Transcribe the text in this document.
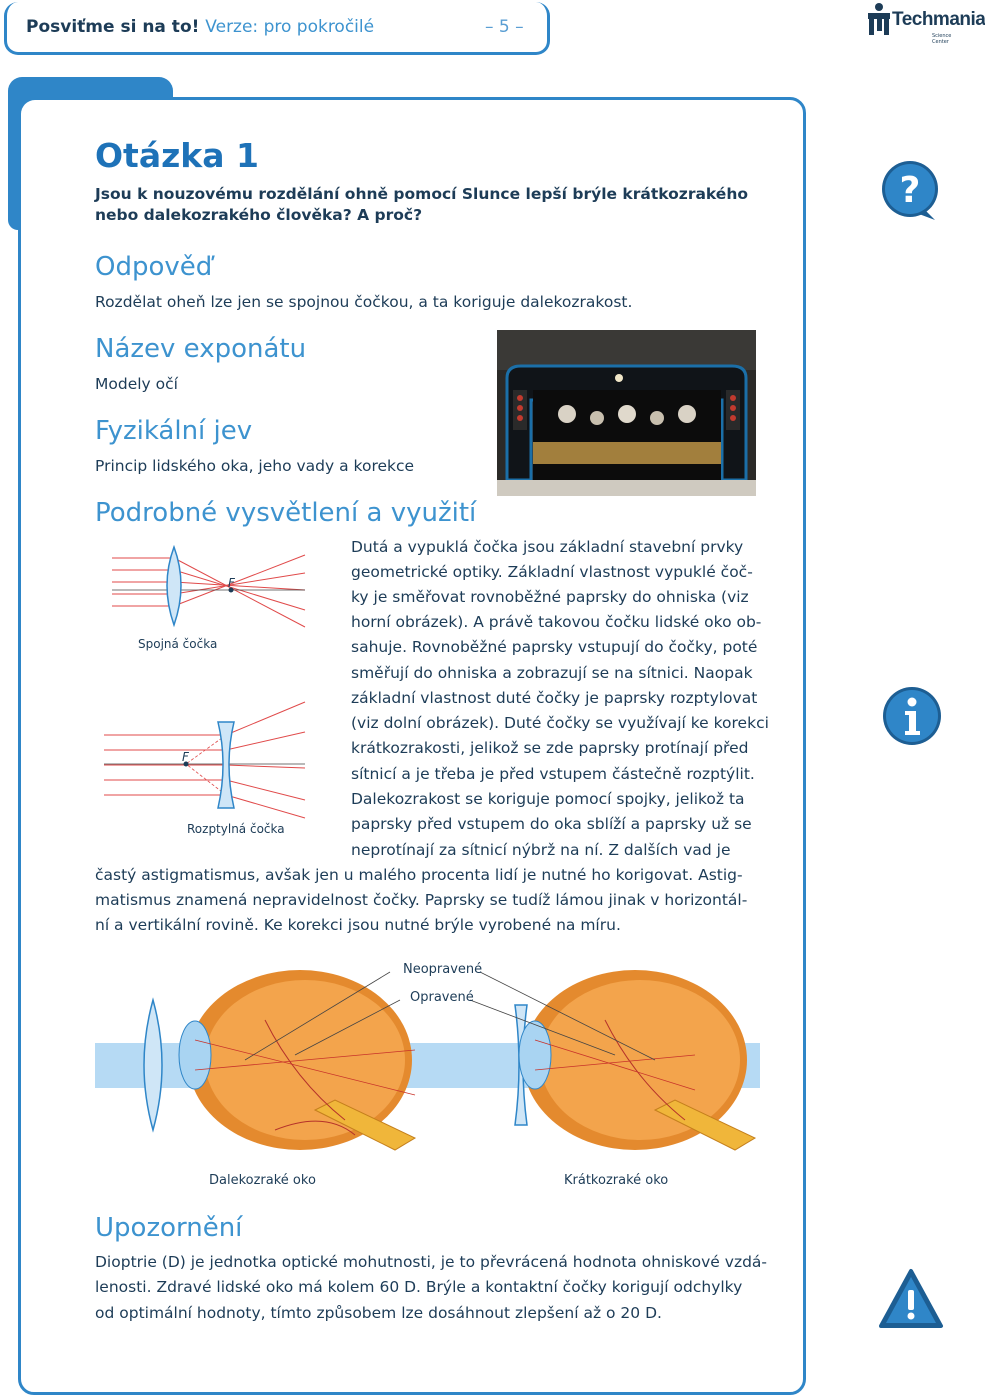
Posviťme si na to! Verze: pro pokročilé	– 5 –	Techmania
Science Center
Otázka 1
Jsou k nouzovému rozdělání ohně pomocí Slunce lepší brýle krátkozrakého
nebo dalekozrakého člověka? A proč?
Odpověď
Rozdělat oheň lze jen se spojnou čočkou, a ta koriguje dalekozrakost.
Název exponátu
Modely očí
Fyzikální jev
Princip lidského oka, jeho vady a korekce
?
Podrobné vysvětlení a využití
F
Spojná čočka
F
Rozptylná čočka
Dutá a vypuklá čočka jsou základní stavební prvky
geometrické optiky. Základní vlastnost vypuklé čoč-
ky je směřovat rovnoběžné paprsky do ohniska (viz
horní obrázek). A právě takovou čočku lidské oko ob-
sahuje. Rovnoběžné paprsky vstupují do čočky, poté
směřují do ohniska a zobrazují se na sítnici. Naopak
základní vlastnost duté čočky je paprsky rozptylovat
(viz dolní obrázek). Duté čočky se využívají ke korekci
krátkozrakosti, jelikož se zde paprsky protínají před
sítnicí a je třeba je před vstupem částečně rozptýlit.
Dalekozrakost se koriguje pomocí spojky, jelikož ta
paprsky před vstupem do oka sblíží a paprsky už se
neprotínají za sítnicí nýbrž na ní. Z dalších vad je
častý astigmatismus, avšak jen u malého procenta lidí je nutné ho korigovat. Astig-
matismus znamená nepravidelnost čočky. Paprsky se tudíž lámou jinak v horizontál-
ní a vertikální rovině. Ke korekci jsou nutné brýle vyrobené na míru.
Neopravené
Opravené
Dalekozraké oko	Krátkozraké oko
Upozornění
Dioptrie (D) je jednotka optické mohutnosti, je to převrácená hodnota ohniskové vzdá-
lenosti. Zdravé lidské oko má kolem 60 D. Brýle a kontaktní čočky korigují odchylky
od optimální hodnoty, tímto způsobem lze dosáhnout zlepšení až o 20 D.
